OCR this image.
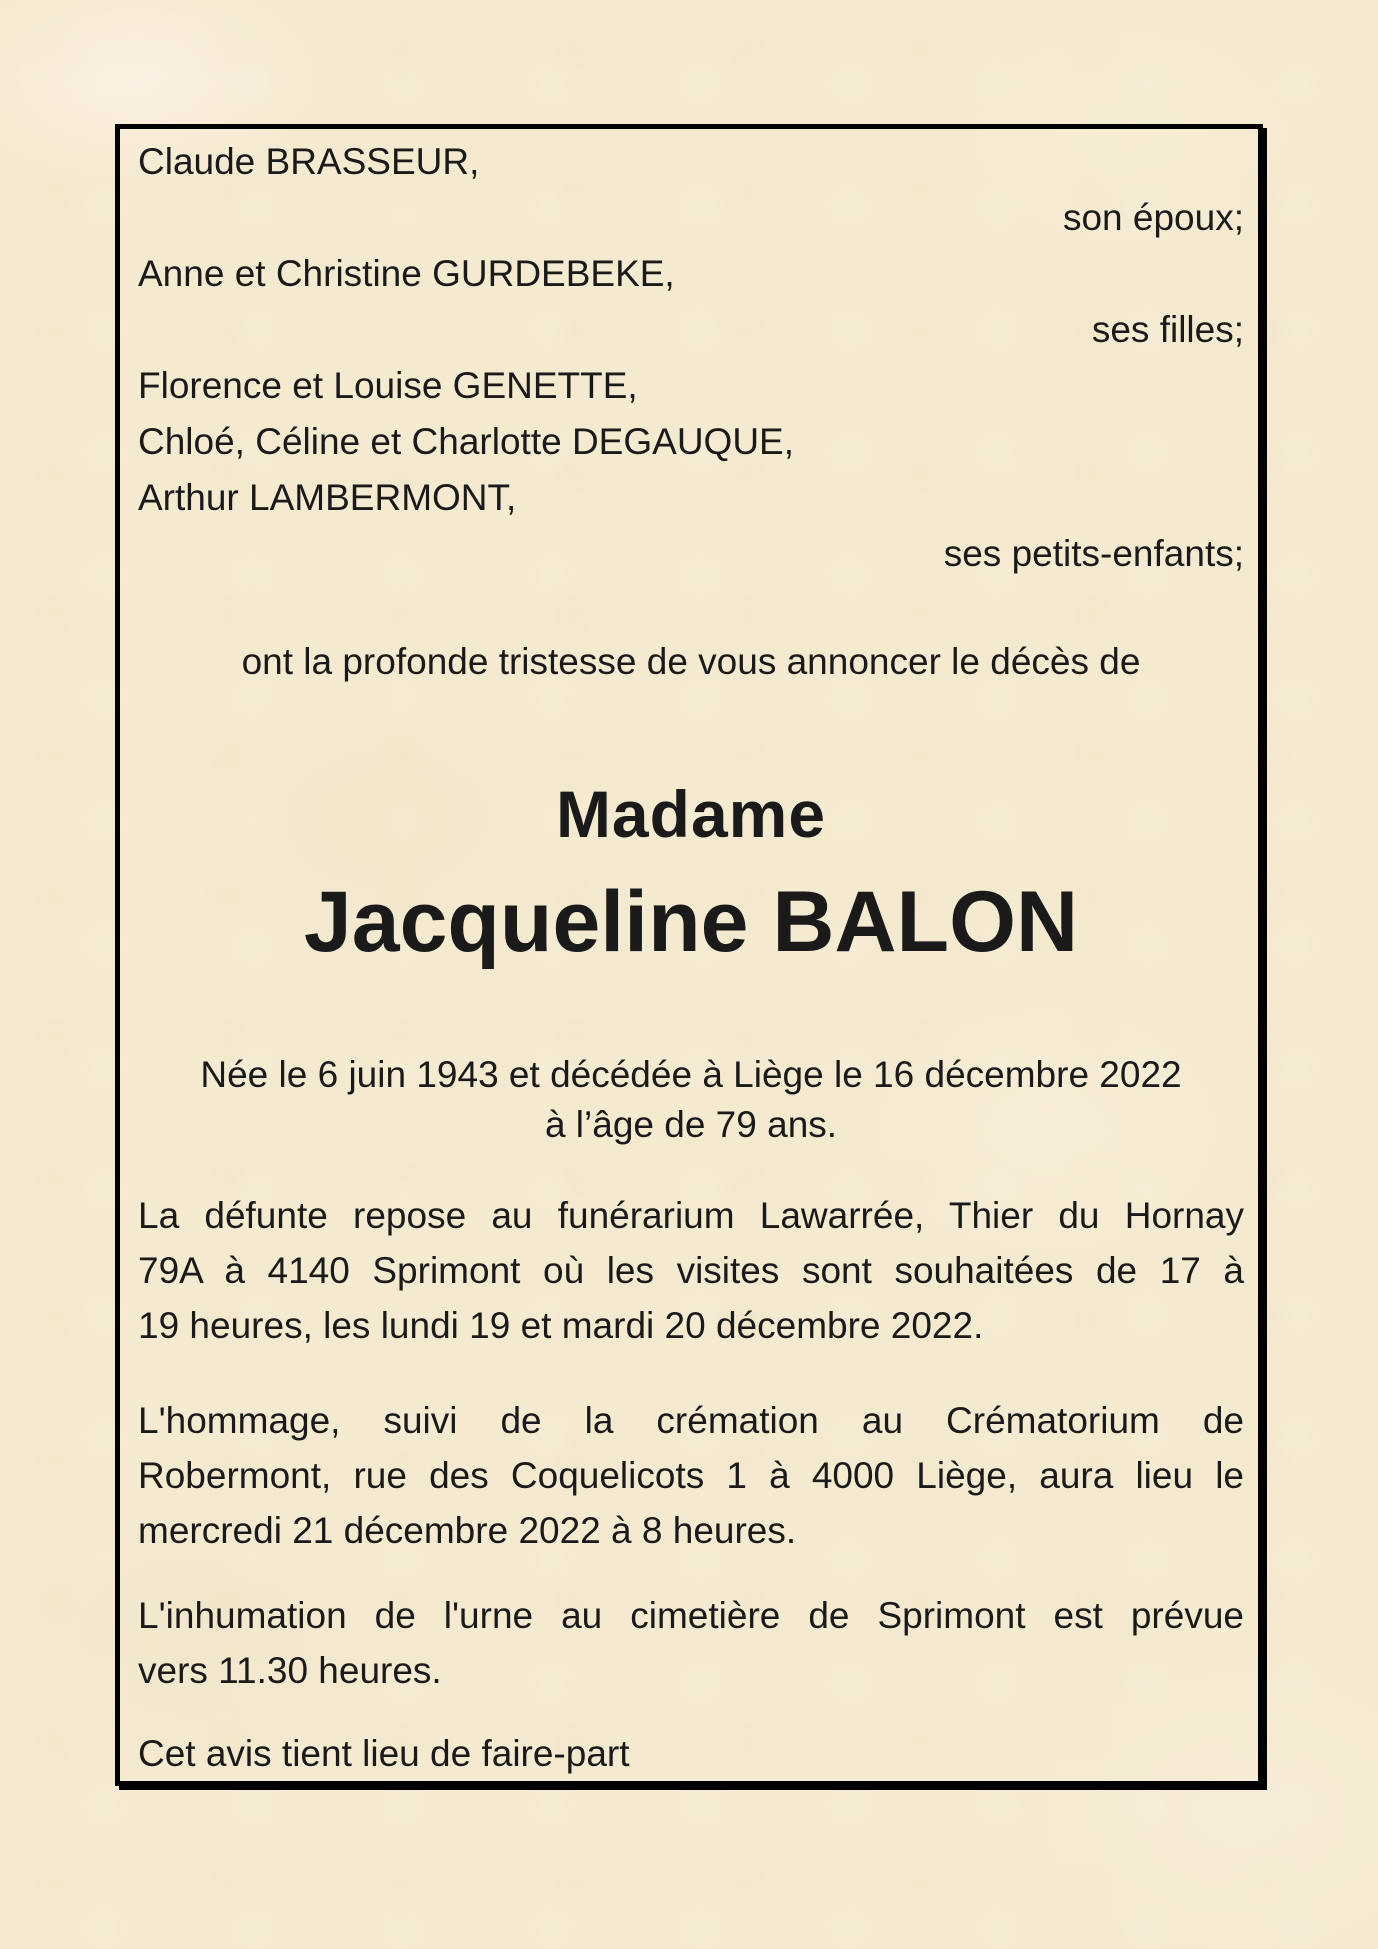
Claude BRASSEUR,
son époux;
Anne et Christine GURDEBEKE,
ses filles;
Florence et Louise GENETTE,
Chloé, Céline et Charlotte DEGAUQUE,
Arthur LAMBERMONT,
ses petits-enfants;
ont la profonde tristesse de vous annoncer le décès de
Madame
Jacqueline BALON
Née le 6 juin 1943 et décédée à Liège le 16 décembre 2022
à l’âge de 79 ans.
La défunte repose au funérarium Lawarrée, Thier du Hornay
79A à 4140 Sprimont où les visites sont souhaitées de 17 à
19 heures, les lundi 19 et mardi 20 décembre 2022.
L'hommage, suivi de la crémation au Crématorium de
Robermont, rue des Coquelicots 1 à 4000 Liège, aura lieu le
mercredi 21 décembre 2022 à 8 heures.
L'inhumation de l'urne au cimetière de Sprimont est prévue
vers 11.30 heures.
Cet avis tient lieu de faire-part
